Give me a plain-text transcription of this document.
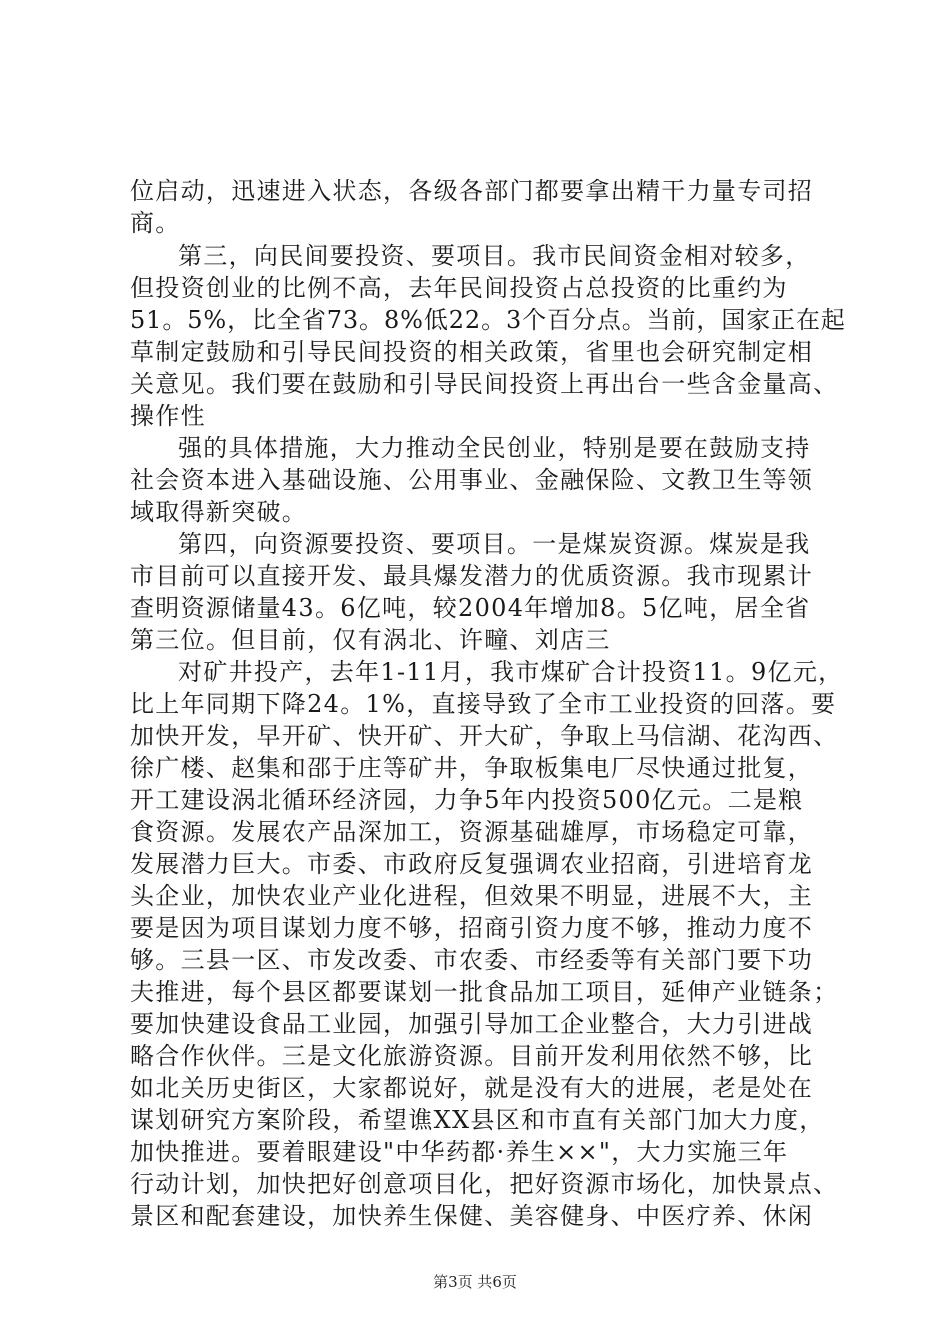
位启动，迅速进入状态，各级各部门都要拿出精干力量专司招
商。
第三，向民间要投资、要项目。我市民间资金相对较多，
但投资创业的比例不高，去年民间投资占总投资的比重约为
51。5%，比全省73。8%低22。3个百分点。当前，国家正在起
草制定鼓励和引导民间投资的相关政策，省里也会研究制定相
关意见。我们要在鼓励和引导民间投资上再出台一些含金量高、
操作性
强的具体措施，大力推动全民创业，特别是要在鼓励支持
社会资本进入基础设施、公用事业、金融保险、文教卫生等领
域取得新突破。
第四，向资源要投资、要项目。一是煤炭资源。煤炭是我
市目前可以直接开发、最具爆发潜力的优质资源。我市现累计
查明资源储量43。6亿吨，较2004年增加8。5亿吨，居全省
第三位。但目前，仅有涡北、许疃、刘店三
对矿井投产，去年1-11月，我市煤矿合计投资11。9亿元，
比上年同期下降24。1%，直接导致了全市工业投资的回落。要
加快开发，早开矿、快开矿、开大矿，争取上马信湖、花沟西、
徐广楼、赵集和邵于庄等矿井，争取板集电厂尽快通过批复，
开工建设涡北循环经济园，力争5年内投资500亿元。二是粮
食资源。发展农产品深加工，资源基础雄厚，市场稳定可靠，
发展潜力巨大。市委、市政府反复强调农业招商，引进培育龙
头企业，加快农业产业化进程，但效果不明显，进展不大，主
要是因为项目谋划力度不够，招商引资力度不够，推动力度不
够。三县一区、市发改委、市农委、市经委等有关部门要下功
夫推进，每个县区都要谋划一批食品加工项目，延伸产业链条；
要加快建设食品工业园，加强引导加工企业整合，大力引进战
略合作伙伴。三是文化旅游资源。目前开发利用依然不够，比
如北关历史街区，大家都说好，就是没有大的进展，老是处在
谋划研究方案阶段，希望谯XX县区和市直有关部门加大力度，
加快推进。要着眼建设"中华药都·养生××"，大力实施三年
行动计划，加快把好创意项目化，把好资源市场化，加快景点、
景区和配套建设，加快养生保健、美容健身、中医疗养、休闲
第3页 共6页
